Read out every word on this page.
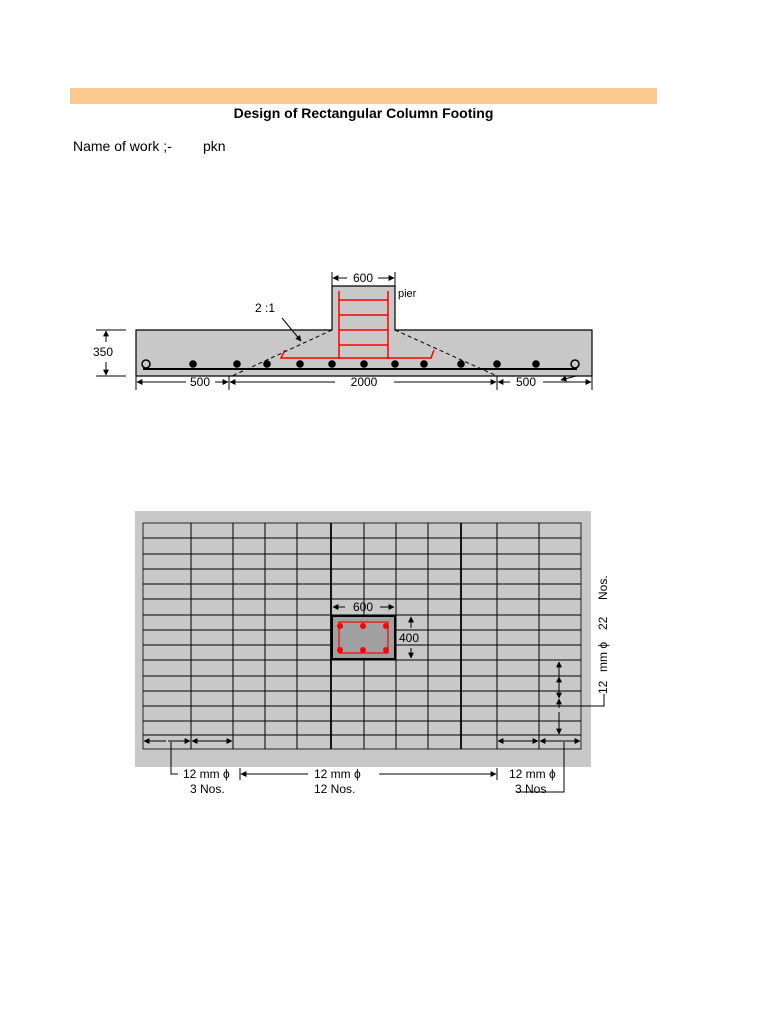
Design of Rectangular Column Footing
Name of work ;- pkn
600
pier
2 :1
350
500	2000	500
600
400
12
mm ϕ
22
Nos.
12 mm ϕ
3 Nos.
12 mm ϕ
12 Nos.
12 mm ϕ
3 Nos
